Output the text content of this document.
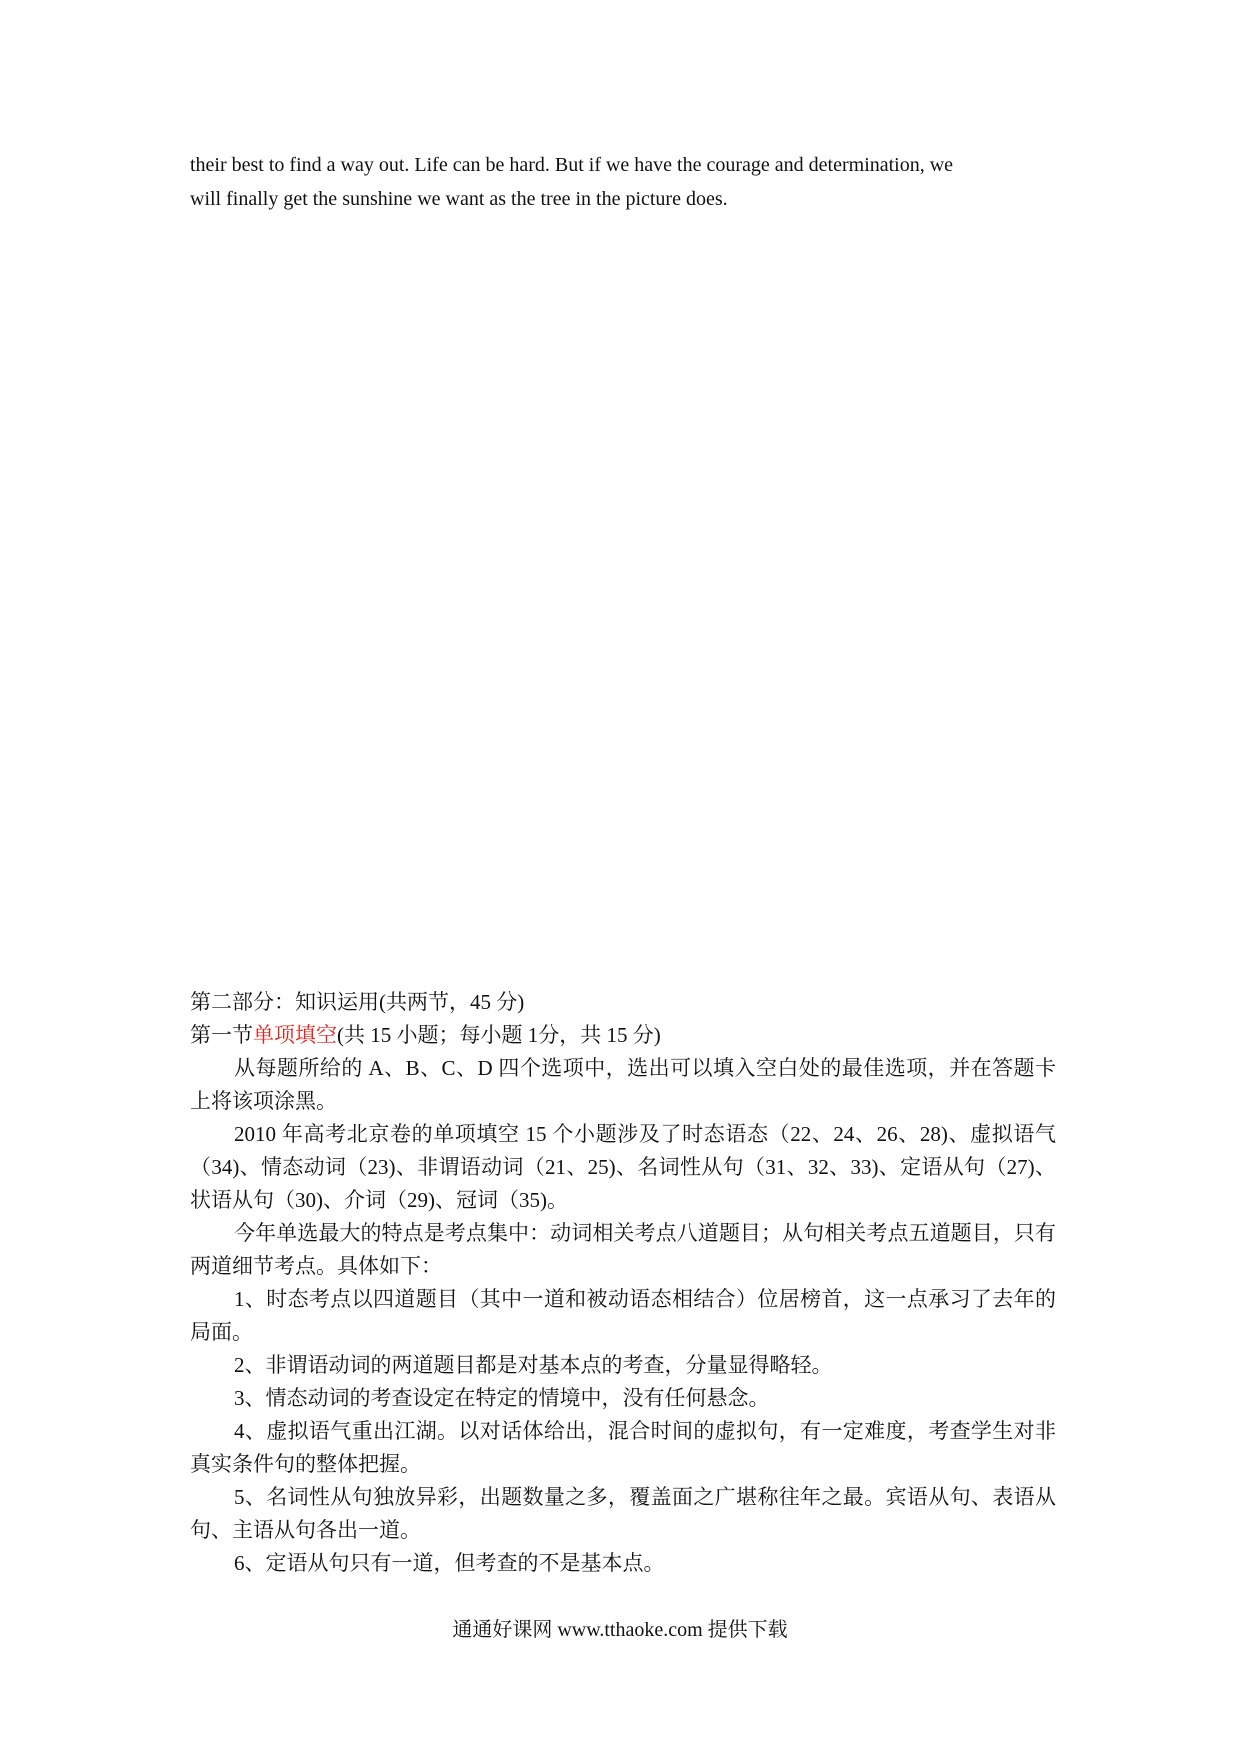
their best to find a way out. Life can be hard. But if we have the courage and determination, we
will finally get the sunshine we want as the tree in the picture does.

第二部分：知识运用(共两节，45 分)

第一节单项填空(共 15 小题；每小题 1分，共 15 分)

从每题所给的 A、B、C、D 四个选项中，选出可以填入空白处的最佳选项，并在答题卡上将该项涂黑。

2010 年高考北京卷的单项填空 15 个小题涉及了时态语态（22、24、26、28)、虚拟语气（34)、情态动词（23)、非谓语动词（21、25)、名词性从句（31、32、33)、定语从句（27)、状语从句（30)、介词（29)、冠词（35)。

今年单选最大的特点是考点集中：动词相关考点八道题目；从句相关考点五道题目，只有两道细节考点。具体如下：

1、时态考点以四道题目（其中一道和被动语态相结合）位居榜首，这一点承习了去年的局面。

2、非谓语动词的两道题目都是对基本点的考查，分量显得略轻。

3、情态动词的考查设定在特定的情境中，没有任何悬念。

4、虚拟语气重出江湖。以对话体给出，混合时间的虚拟句，有一定难度，考查学生对非真实条件句的整体把握。

5、名词性从句独放异彩，出题数量之多，覆盖面之广堪称往年之最。宾语从句、表语从句、主语从句各出一道。

6、定语从句只有一道，但考查的不是基本点。

通通好课网 www.tthaoke.com 提供下载
